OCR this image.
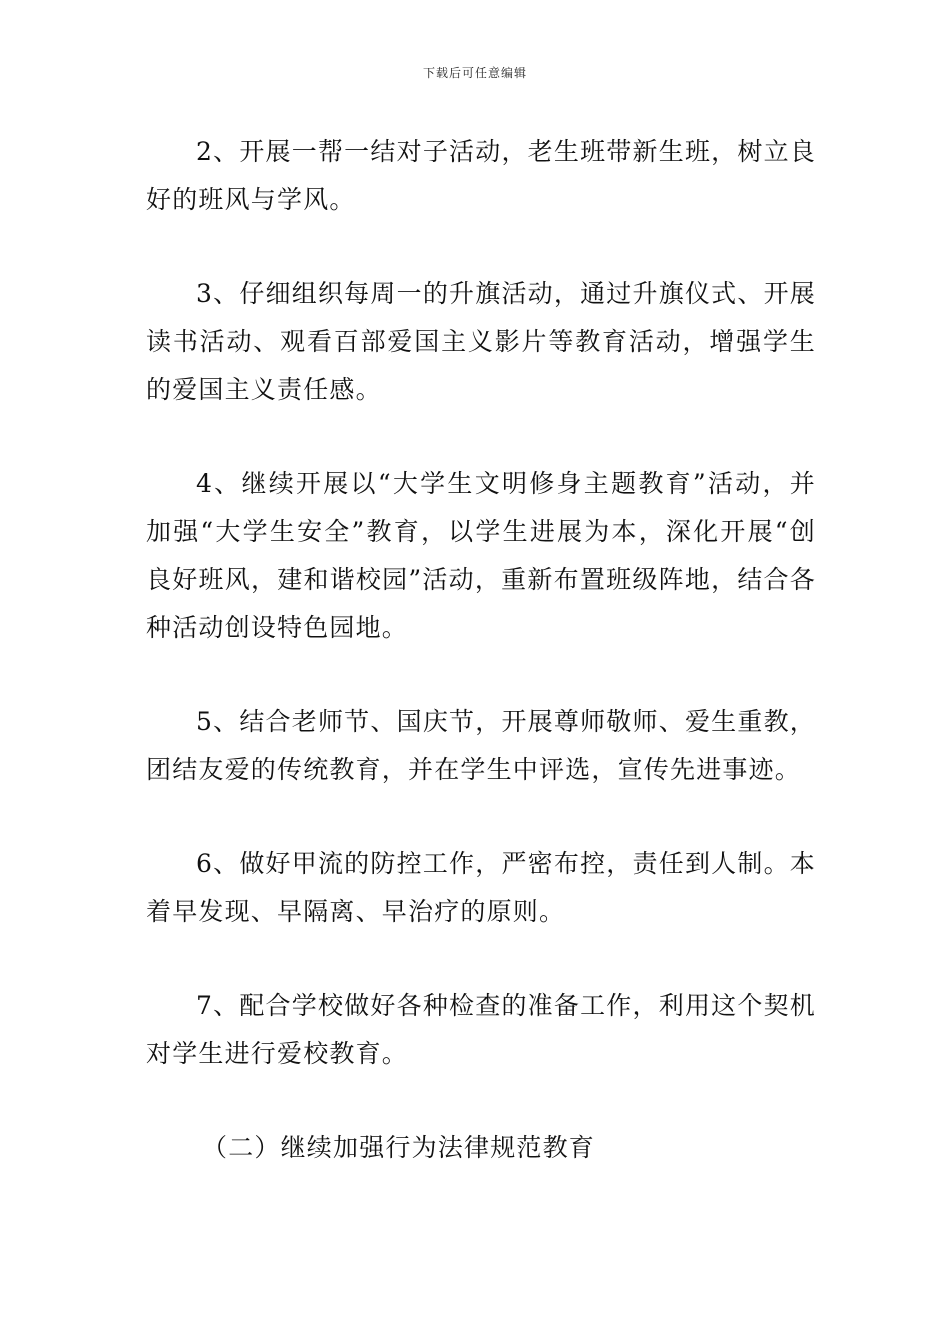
下载后可任意编辑

2、开展一帮一结对子活动，老生班带新生班，树立良好的班风与学风。

3、仔细组织每周一的升旗活动，通过升旗仪式、开展读书活动、观看百部爱国主义影片等教育活动，增强学生的爱国主义责任感。

4、继续开展以“大学生文明修身主题教育”活动，并加强“大学生安全”教育，以学生进展为本，深化开展“创良好班风，建和谐校园”活动，重新布置班级阵地，结合各种活动创设特色园地。

5、结合老师节、国庆节，开展尊师敬师、爱生重教，团结友爱的传统教育，并在学生中评选，宣传先进事迹。

6、做好甲流的防控工作，严密布控，责任到人制。本着早发现、早隔离、早治疗的原则。

7、配合学校做好各种检查的准备工作，利用这个契机对学生进行爱校教育。

（二）继续加强行为法律规范教育
